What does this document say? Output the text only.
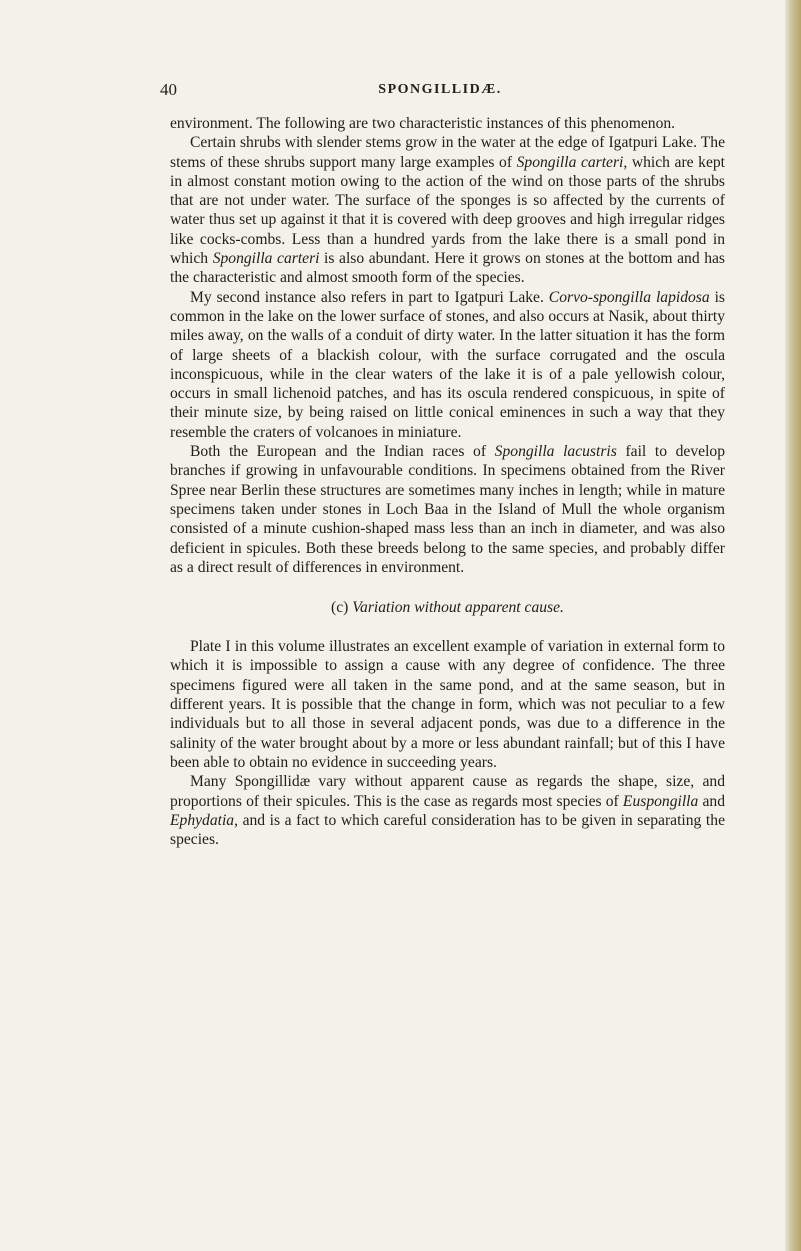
40	SPONGILLIDÆ.

environment. The following are two characteristic instances of this phenomenon.

Certain shrubs with slender stems grow in the water at the edge of Igatpuri Lake. The stems of these shrubs support many large examples of Spongilla carteri, which are kept in almost constant motion owing to the action of the wind on those parts of the shrubs that are not under water. The surface of the sponges is so affected by the currents of water thus set up against it that it is covered with deep grooves and high irregular ridges like cocks-combs. Less than a hundred yards from the lake there is a small pond in which Spongilla carteri is also abundant. Here it grows on stones at the bottom and has the characteristic and almost smooth form of the species.

My second instance also refers in part to Igatpuri Lake. Corvo-spongilla lapidosa is common in the lake on the lower surface of stones, and also occurs at Nasik, about thirty miles away, on the walls of a conduit of dirty water. In the latter situation it has the form of large sheets of a blackish colour, with the surface corrugated and the oscula inconspicuous, while in the clear waters of the lake it is of a pale yellowish colour, occurs in small lichenoid patches, and has its oscula rendered conspicuous, in spite of their minute size, by being raised on little conical eminences in such a way that they resemble the craters of volcanoes in miniature.

Both the European and the Indian races of Spongilla lacustris fail to develop branches if growing in unfavourable conditions. In specimens obtained from the River Spree near Berlin these structures are sometimes many inches in length; while in mature specimens taken under stones in Loch Baa in the Island of Mull the whole organism consisted of a minute cushion-shaped mass less than an inch in diameter, and was also deficient in spicules. Both these breeds belong to the same species, and probably differ as a direct result of differences in environment.

(c) Variation without apparent cause.

Plate I in this volume illustrates an excellent example of variation in external form to which it is impossible to assign a cause with any degree of confidence. The three specimens figured were all taken in the same pond, and at the same season, but in different years. It is possible that the change in form, which was not peculiar to a few individuals but to all those in several adjacent ponds, was due to a difference in the salinity of the water brought about by a more or less abundant rainfall; but of this I have been able to obtain no evidence in succeeding years.

Many Spongillidæ vary without apparent cause as regards the shape, size, and proportions of their spicules. This is the case as regards most species of Euspongilla and Ephydatia, and is a fact to which careful consideration has to be given in separating the species.
